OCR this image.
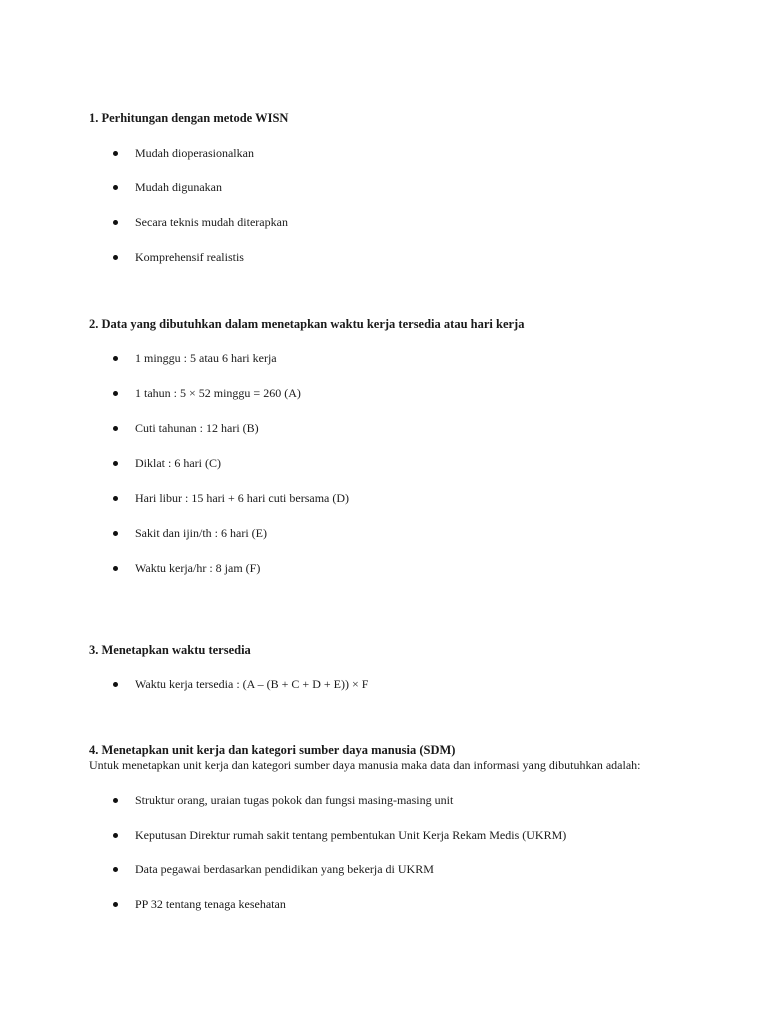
1. Perhitungan dengan metode WISN
Mudah dioperasionalkan
Mudah digunakan
Secara teknis mudah diterapkan
Komprehensif realistis
2. Data yang dibutuhkan dalam menetapkan waktu kerja tersedia atau hari kerja
1 minggu : 5 atau 6 hari kerja
1 tahun : 5 × 52 minggu = 260 (A)
Cuti tahunan : 12 hari (B)
Diklat : 6 hari (C)
Hari libur : 15 hari + 6 hari cuti bersama (D)
Sakit dan ijin/th : 6 hari (E)
Waktu kerja/hr : 8 jam (F)
3. Menetapkan waktu tersedia
Waktu kerja tersedia : (A – (B + C + D + E)) × F
4. Menetapkan unit kerja dan kategori sumber daya manusia (SDM)
Untuk menetapkan unit kerja dan kategori sumber daya manusia maka data dan informasi yang dibutuhkan adalah:
Struktur orang, uraian tugas pokok dan fungsi masing-masing unit
Keputusan Direktur rumah sakit tentang pembentukan Unit Kerja Rekam Medis (UKRM)
Data pegawai berdasarkan pendidikan yang bekerja di UKRM
PP 32 tentang tenaga kesehatan
